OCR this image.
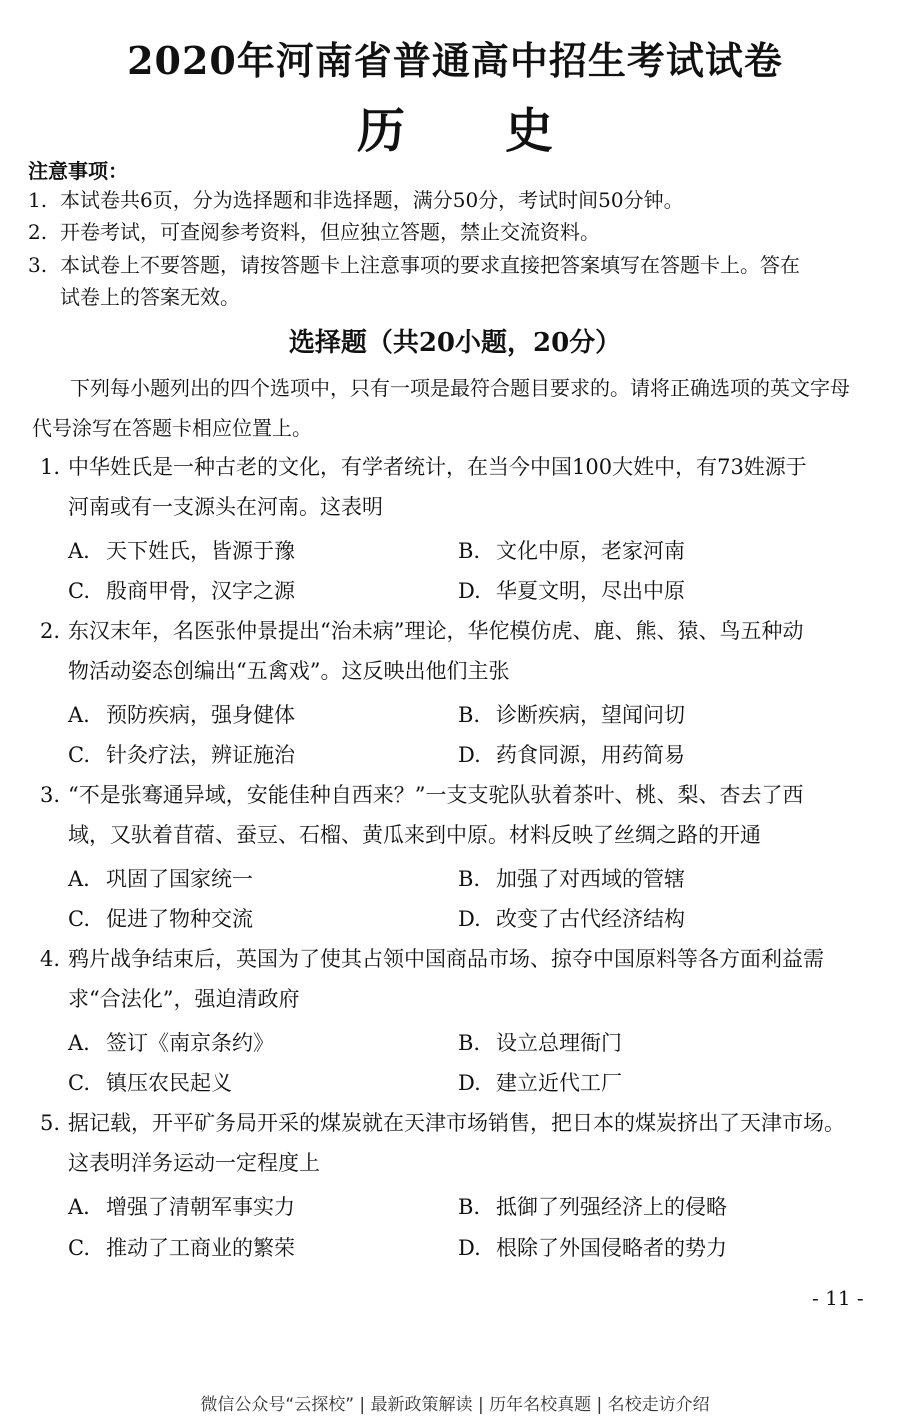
2020年河南省普通高中招生考试试卷
历史
注意事项：
1. 本试卷共6页，分为选择题和非选择题，满分50分，考试时间50分钟。
2. 开卷考试，可查阅参考资料，但应独立答题，禁止交流资料。
3. 本试卷上不要答题，请按答题卡上注意事项的要求直接把答案填写在答题卡上。答在
试卷上的答案无效。
选择题（共20小题，20分）
下列每小题列出的四个选项中，只有一项是最符合题目要求的。请将正确选项的英文字母代号涂写在答题卡相应位置上。
1. 中华姓氏是一种古老的文化，有学者统计，在当今中国100大姓中，有73姓源于
河南或有一支源头在河南。这表明
A. 天下姓氏，皆源于豫	B. 文化中原，老家河南
C. 殷商甲骨，汉字之源	D. 华夏文明，尽出中原
2. 东汉末年，名医张仲景提出“治未病”理论，华佗模仿虎、鹿、熊、猿、鸟五种动
物活动姿态创编出“五禽戏”。这反映出他们主张
A. 预防疾病，强身健体	B. 诊断疾病，望闻问切
C. 针灸疗法，辨证施治	D. 药食同源，用药简易
3. “不是张骞通异域，安能佳种自西来？”一支支驼队驮着茶叶、桃、梨、杏去了西
域，又驮着苜蓿、蚕豆、石榴、黄瓜来到中原。材料反映了丝绸之路的开通
A. 巩固了国家统一	B. 加强了对西域的管辖
C. 促进了物种交流	D. 改变了古代经济结构
4. 鸦片战争结束后，英国为了使其占领中国商品市场、掠夺中国原料等各方面利益需
求“合法化”，强迫清政府
A. 签订《南京条约》	B. 设立总理衙门
C. 镇压农民起义	D. 建立近代工厂
5. 据记载，开平矿务局开采的煤炭就在天津市场销售，把日本的煤炭挤出了天津市场。
这表明洋务运动一定程度上
A. 增强了清朝军事实力	B. 抵御了列强经济上的侵略
C. 推动了工商业的繁荣	D. 根除了外国侵略者的势力
- 11 -
微信公众号“云探校” | 最新政策解读 | 历年名校真题 | 名校走访介绍
